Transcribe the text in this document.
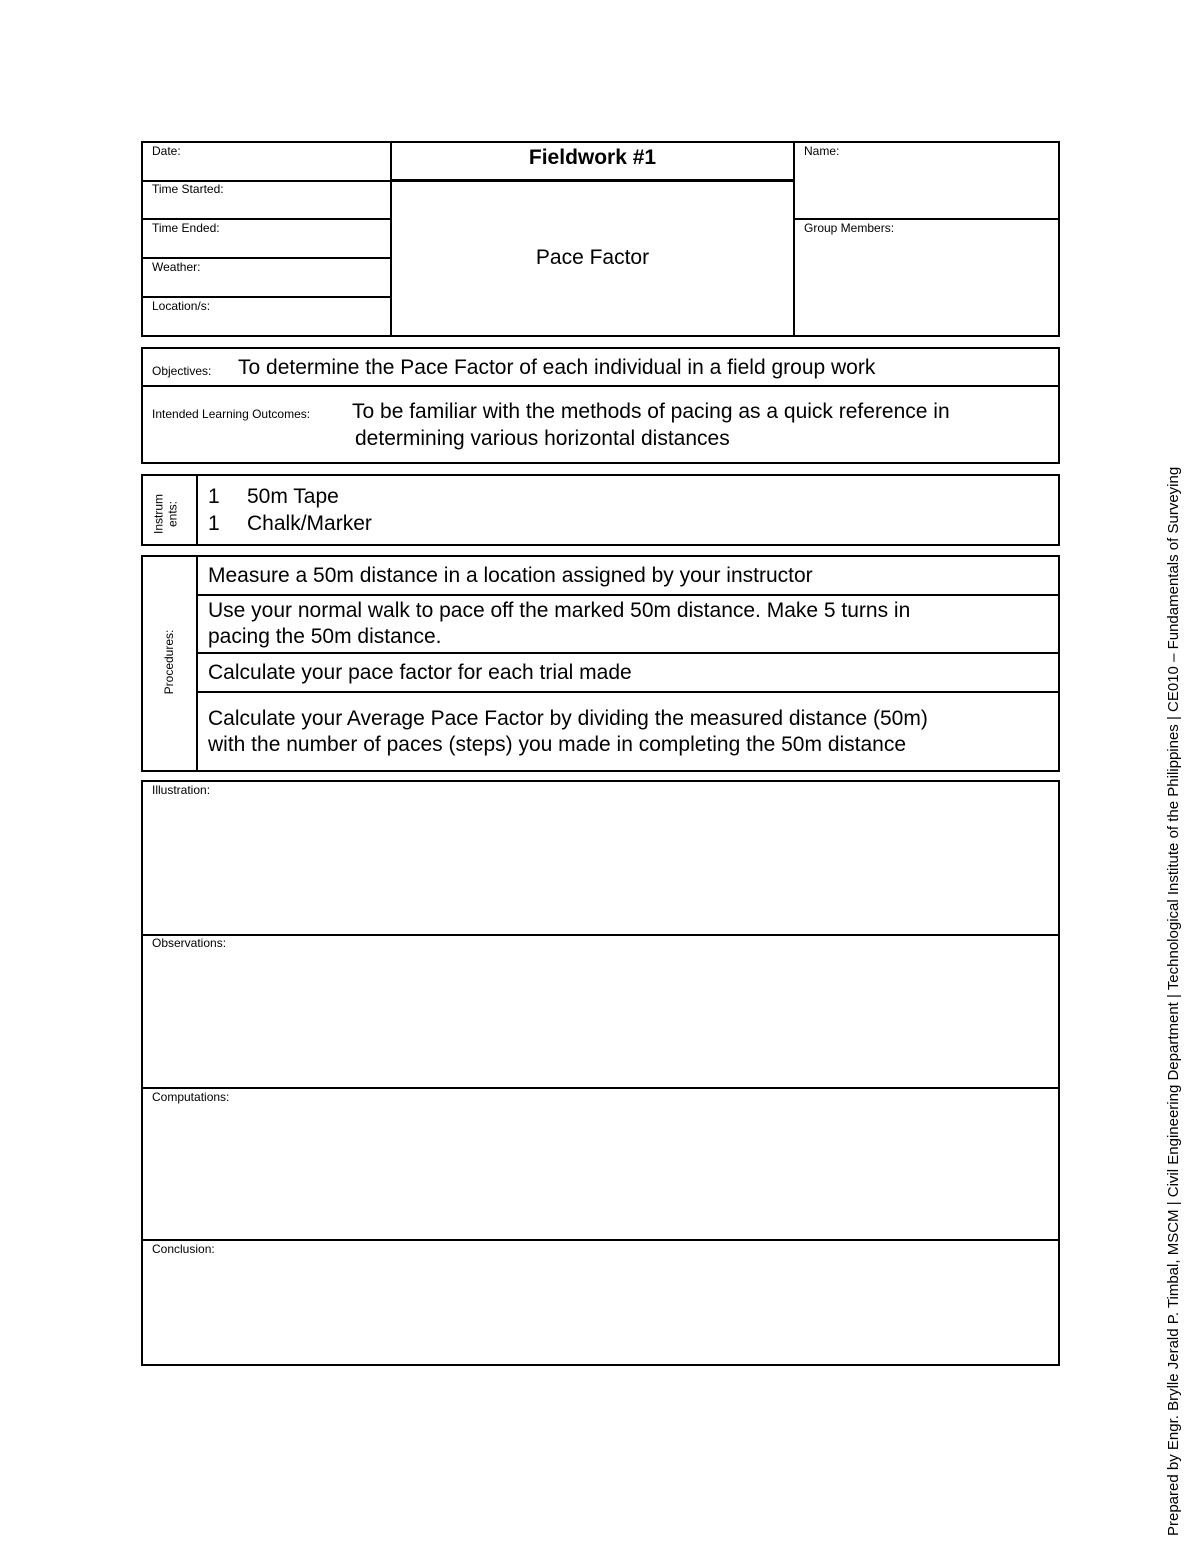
Date:
Time Started:
Time Ended:
Weather:
Location/s:
Fieldwork #1
Pace Factor
Name:
Group Members:
Objectives: To determine the Pace Factor of each individual in a field group work
Intended Learning Outcomes: To be familiar with the methods of pacing as a quick reference in
determining various horizontal distances
Instrum ents:
1 50m Tape
1 Chalk/Marker
Procedures:
Measure a 50m distance in a location assigned by your instructor
Use your normal walk to pace off the marked 50m distance. Make 5 turns in
pacing the 50m distance.
Calculate your pace factor for each trial made
Calculate your Average Pace Factor by dividing the measured distance (50m)
with the number of paces (steps) you made in completing the 50m distance
Illustration:
Observations:
Computations:
Conclusion:	Prepared by Engr. Brylle Jerald P. Timbal, MSCM | Civil Engineering Department | Technological Institute of the Philippines | CE010 – Fundamentals of Surveying
